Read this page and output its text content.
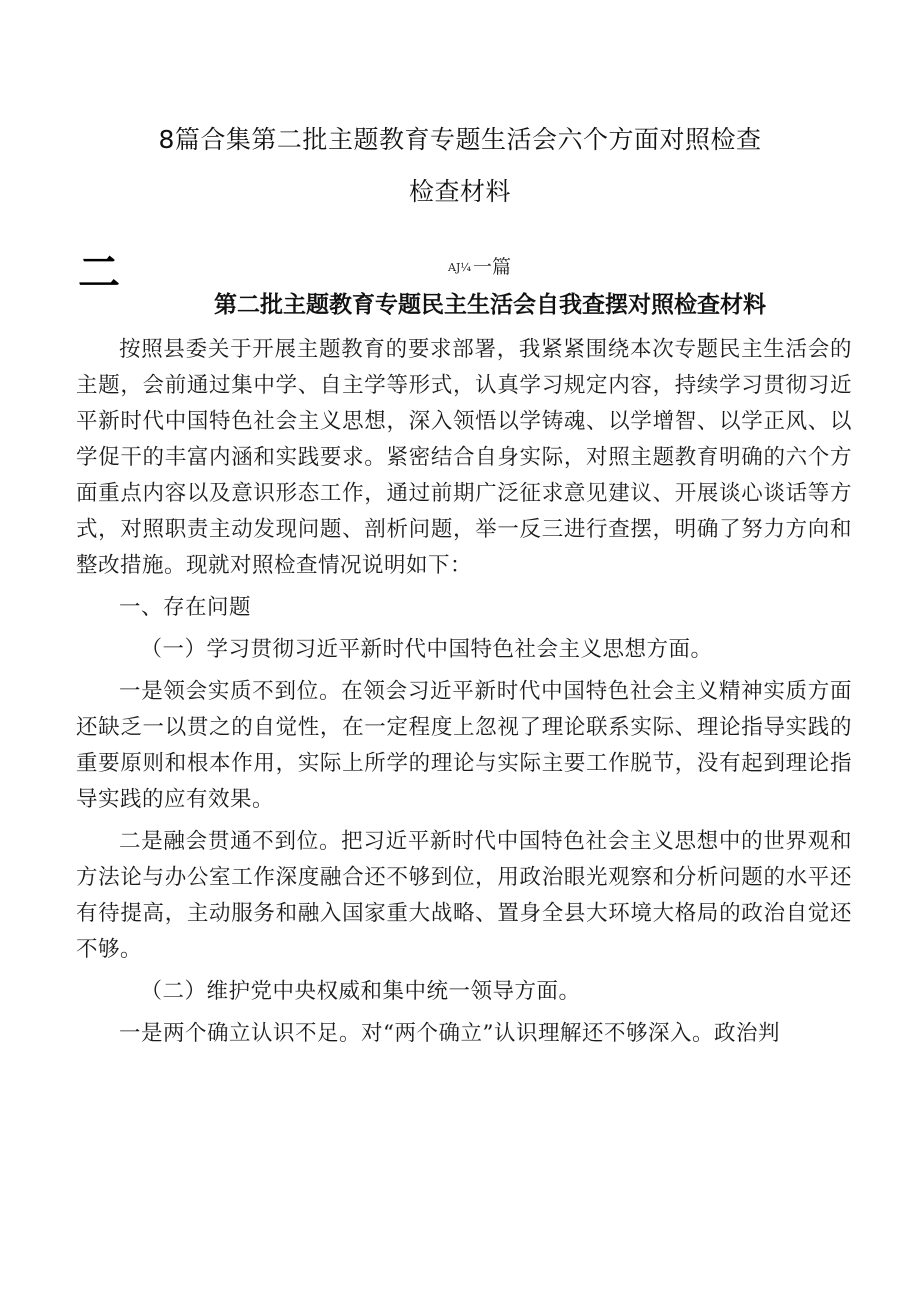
8篇合集第二批主题教育专题生活会六个方面对照检查
检查材料
二	AJ¼ 一篇
第二批主题教育专题民主生活会自我查摆对照检查材料

按照县委关于开展主题教育的要求部署，我紧紧围绕本次专题民主生活会的主题，会前通过集中学、自主学等形式，认真学习规定内容，持续学习贯彻习近平新时代中国特色社会主义思想，深入领悟以学铸魂、以学增智、以学正风、以学促干的丰富内涵和实践要求。紧密结合自身实际，对照主题教育明确的六个方面重点内容以及意识形态工作，通过前期广泛征求意见建议、开展谈心谈话等方式，对照职责主动发现问题、剖析问题，举一反三进行查摆，明确了努力方向和整改措施。现就对照检查情况说明如下：

一、存在问题

（一）学习贯彻习近平新时代中国特色社会主义思想方面。

一是领会实质不到位。在领会习近平新时代中国特色社会主义精神实质方面还缺乏一以贯之的自觉性，在一定程度上忽视了理论联系实际、理论指导实践的重要原则和根本作用，实际上所学的理论与实际主要工作脱节，没有起到理论指导实践的应有效果。

二是融会贯通不到位。把习近平新时代中国特色社会主义思想中的世界观和方法论与办公室工作深度融合还不够到位，用政治眼光观察和分析问题的水平还有待提高，主动服务和融入国家重大战略、置身全县大环境大格局的政治自觉还不够。

（二）维护党中央权威和集中统一领导方面。

一是两个确立认识不足。对“两个确立”认识理解还不够深入。政治判
